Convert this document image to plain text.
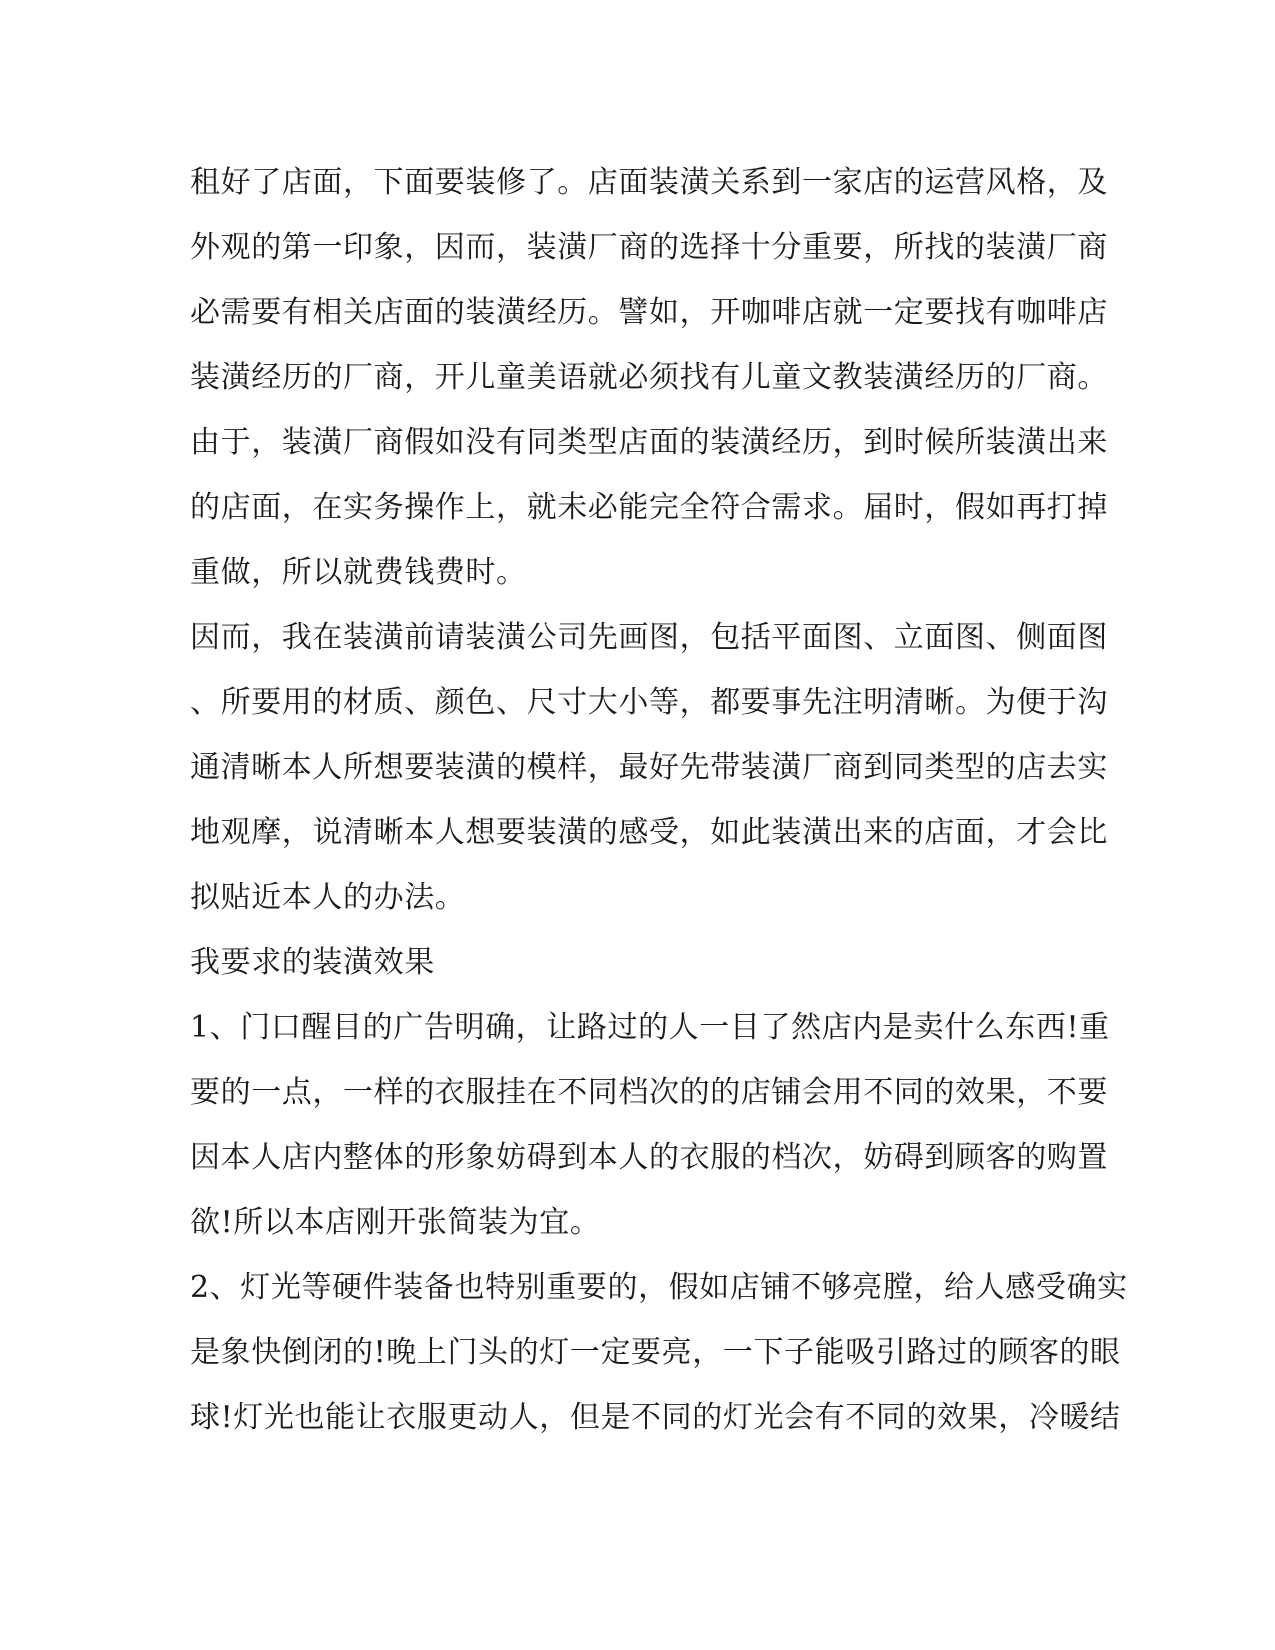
租好了店面，下面要装修了。店面装潢关系到一家店的运营风格，及
外观的第一印象，因而，装潢厂商的选择十分重要，所找的装潢厂商
必需要有相关店面的装潢经历。譬如，开咖啡店就一定要找有咖啡店
装潢经历的厂商，开儿童美语就必须找有儿童文教装潢经历的厂商。
由于，装潢厂商假如没有同类型店面的装潢经历，到时候所装潢出来
的店面，在实务操作上，就未必能完全符合需求。届时，假如再打掉
重做，所以就费钱费时。
因而，我在装潢前请装潢公司先画图，包括平面图、立面图、侧面图
、所要用的材质、颜色、尺寸大小等，都要事先注明清晰。为便于沟
通清晰本人所想要装潢的模样，最好先带装潢厂商到同类型的店去实
地观摩，说清晰本人想要装潢的感受，如此装潢出来的店面，才会比
拟贴近本人的办法。
我要求的装潢效果
1、门口醒目的广告明确，让路过的人一目了然店内是卖什么东西!重
要的一点，一样的衣服挂在不同档次的的店铺会用不同的效果，不要
因本人店内整体的形象妨碍到本人的衣服的档次，妨碍到顾客的购置
欲!所以本店刚开张简装为宜。
2、灯光等硬件装备也特别重要的，假如店铺不够亮膛，给人感受确实
是象快倒闭的!晚上门头的灯一定要亮，一下子能吸引路过的顾客的眼
球!灯光也能让衣服更动人，但是不同的灯光会有不同的效果，冷暖结
